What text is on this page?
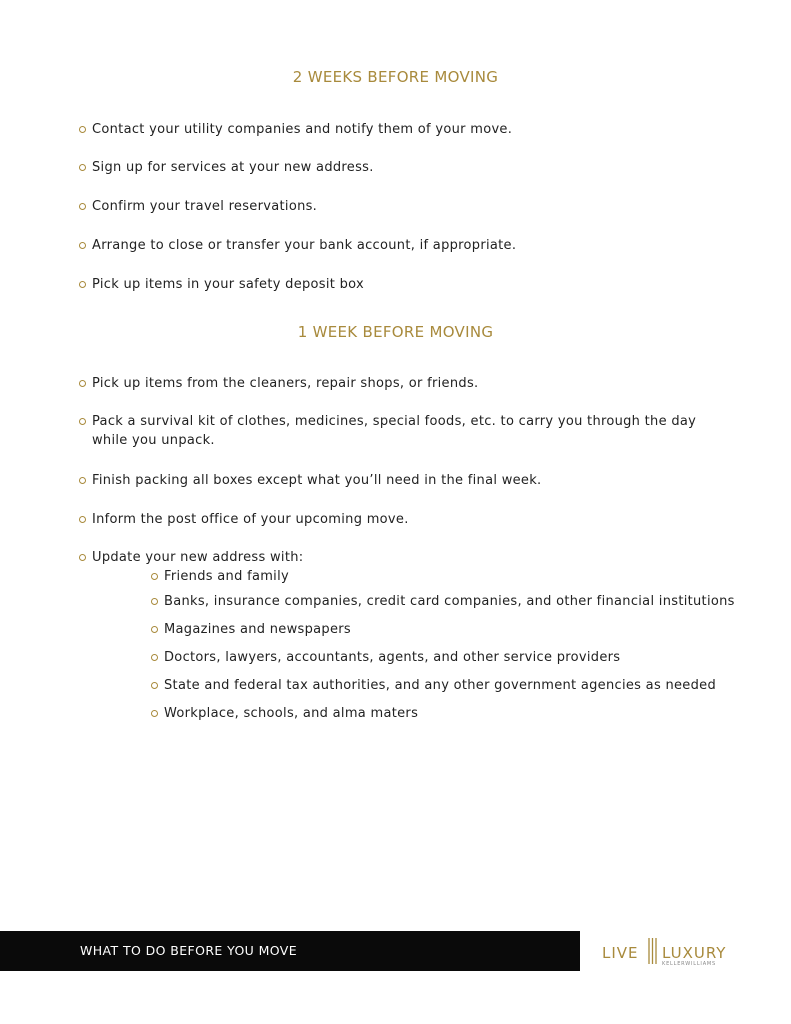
2 WEEKS BEFORE MOVING
Contact your utility companies and notify them of your move.
Sign up for services at your new address.
Confirm your travel reservations.
Arrange to close or transfer your bank account, if appropriate.
Pick up items in your safety deposit box
1 WEEK BEFORE MOVING
Pick up items from the cleaners, repair shops, or friends.
Pack a survival kit of clothes, medicines, special foods, etc. to carry you through the day while you unpack.
Finish packing all boxes except what you’ll need in the final week.
Inform the post office of your upcoming move.
Update your new address with:
Friends and family
Banks, insurance companies, credit card companies, and other financial institutions
Magazines and newspapers
Doctors, lawyers, accountants, agents, and other service providers
State and federal tax authorities, and any other government agencies as needed
Workplace, schools, and alma maters
WHAT TO DO BEFORE YOU MOVE	LIVE LUXURY
KELLERWILLIAMS
